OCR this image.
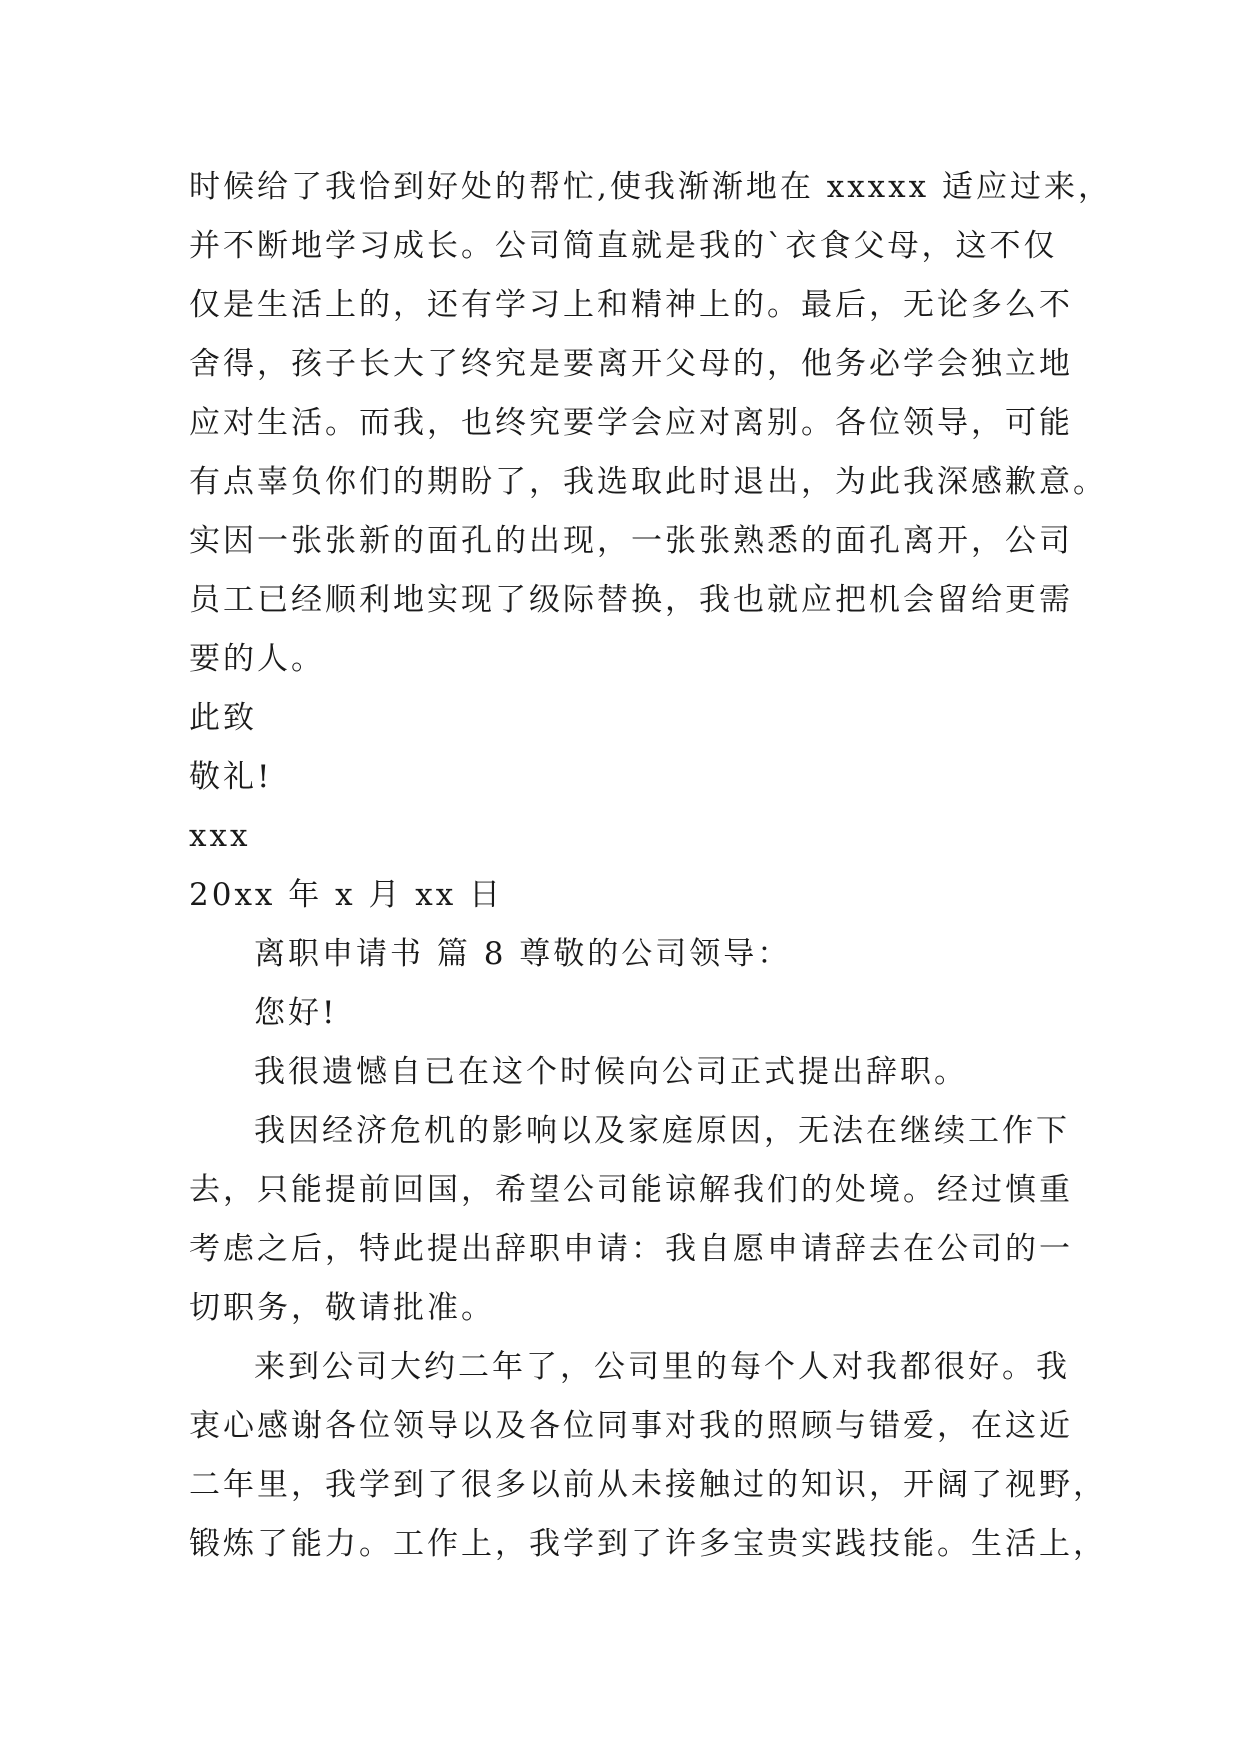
时候给了我恰到好处的帮忙,使我渐渐地在 xxxxx 适应过来，
并不断地学习成长。公司简直就是我的`衣食父母，这不仅
仅是生活上的，还有学习上和精神上的。最后，无论多么不
舍得，孩子长大了终究是要离开父母的，他务必学会独立地
应对生活。而我，也终究要学会应对离别。各位领导，可能
有点辜负你们的期盼了，我选取此时退出，为此我深感歉意。
实因一张张新的面孔的出现，一张张熟悉的面孔离开，公司
员工已经顺利地实现了级际替换，我也就应把机会留给更需
要的人。
此致
敬礼!
xxx
20xx 年 x 月 xx 日
离职申请书 篇 8 尊敬的公司领导：
您好!
我很遗憾自已在这个时候向公司正式提出辞职。
我因经济危机的影响以及家庭原因，无法在继续工作下
去，只能提前回国，希望公司能谅解我们的处境。经过慎重
考虑之后，特此提出辞职申请：我自愿申请辞去在公司的一
切职务，敬请批准。
来到公司大约二年了，公司里的每个人对我都很好。我
衷心感谢各位领导以及各位同事对我的照顾与错爱，在这近
二年里，我学到了很多以前从未接触过的知识，开阔了视野，
锻炼了能力。工作上，我学到了许多宝贵实践技能。生活上，
